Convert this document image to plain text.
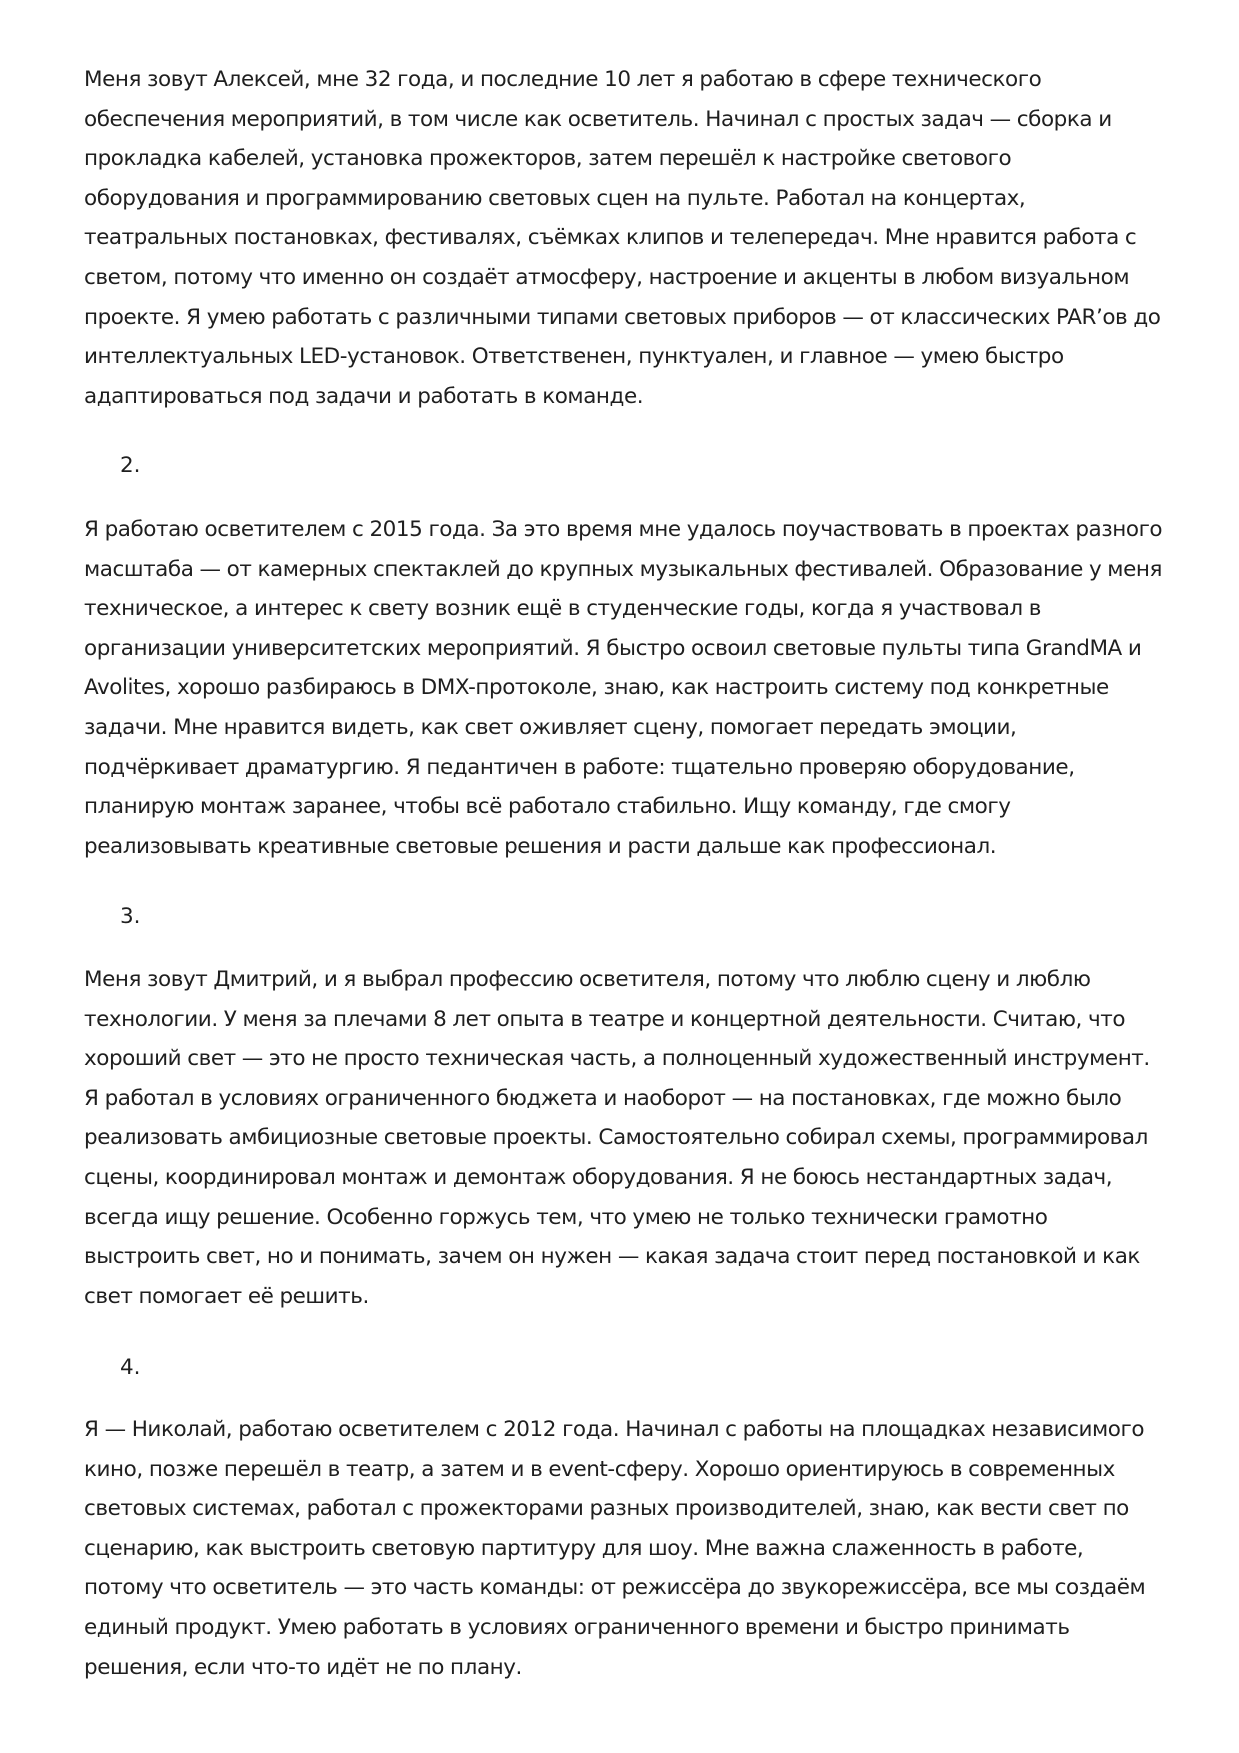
Меня зовут Алексей, мне 32 года, и последние 10 лет я работаю в сфере технического обеспечения мероприятий, в том числе как осветитель. Начинал с простых задач — сборка и прокладка кабелей, установка прожекторов, затем перешёл к настройке светового оборудования и программированию световых сцен на пульте. Работал на концертах, театральных постановках, фестивалях, съёмках клипов и телепередач. Мне нравится работа с светом, потому что именно он создаёт атмосферу, настроение и акценты в любом визуальном проекте. Я умею работать с различными типами световых приборов — от классических PAR’ов до интеллектуальных LED-установок. Ответственен, пунктуален, и главное — умею быстро адаптироваться под задачи и работать в команде.

2.

Я работаю осветителем с 2015 года. За это время мне удалось поучаствовать в проектах разного масштаба — от камерных спектаклей до крупных музыкальных фестивалей. Образование у меня техническое, а интерес к свету возник ещё в студенческие годы, когда я участвовал в организации университетских мероприятий. Я быстро освоил световые пульты типа GrandMA и Avolites, хорошо разбираюсь в DMX-протоколе, знаю, как настроить систему под конкретные задачи. Мне нравится видеть, как свет оживляет сцену, помогает передать эмоции, подчёркивает драматургию. Я педантичен в работе: тщательно проверяю оборудование, планирую монтаж заранее, чтобы всё работало стабильно. Ищу команду, где смогу реализовывать креативные световые решения и расти дальше как профессионал.

3.

Меня зовут Дмитрий, и я выбрал профессию осветителя, потому что люблю сцену и люблю технологии. У меня за плечами 8 лет опыта в театре и концертной деятельности. Считаю, что хороший свет — это не просто техническая часть, а полноценный художественный инструмент. Я работал в условиях ограниченного бюджета и наоборот — на постановках, где можно было реализовать амбициозные световые проекты. Самостоятельно собирал схемы, программировал сцены, координировал монтаж и демонтаж оборудования. Я не боюсь нестандартных задач, всегда ищу решение. Особенно горжусь тем, что умею не только технически грамотно выстроить свет, но и понимать, зачем он нужен — какая задача стоит перед постановкой и как свет помогает её решить.

4.

Я — Николай, работаю осветителем с 2012 года. Начинал с работы на площадках независимого кино, позже перешёл в театр, а затем и в event-сферу. Хорошо ориентируюсь в современных световых системах, работал с прожекторами разных производителей, знаю, как вести свет по сценарию, как выстроить световую партитуру для шоу. Мне важна слаженность в работе, потому что осветитель — это часть команды: от режиссёра до звукорежиссёра, все мы создаём единый продукт. Умею работать в условиях ограниченного времени и быстро принимать решения, если что-то идёт не по плану.
